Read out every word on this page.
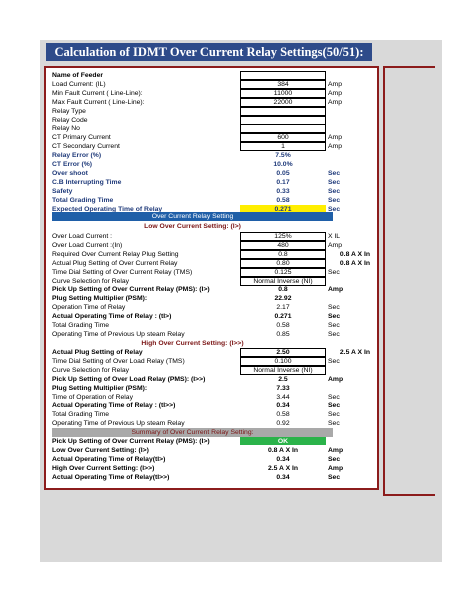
Calculation of IDMT Over Current Relay Settings(50/51):
Name of Feeder
Load Current: (IL)	384	Amp
Min Fault Current ( Line-Line):	11000	Amp
Max Fault Current ( Line-Line):	22000	Amp
Relay Type
Relay Code
Relay No
CT Primary Current	600	Amp
CT Secondary Current	1	Amp
Relay Error (%)	7.5%
CT Error (%)	10.0%
Over shoot	0.05	Sec
C.B Interrupting Time	0.17	Sec
Safety	0.33	Sec
Total Grading Time	0.58	Sec
Expected Operating Time of Relay	0.271	Sec
Over Current Relay Setting
Low Over Current Setting: (I>)
Over Load Current :	125%	X IL
Over Load Current :(In)	480	Amp
Required Over Current Relay Plug Setting	0.8	0.8 A X In
Actual Plug Setting of Over Current Relay	0.80	0.8 A X In
Time Dial Setting of Over Current Relay (TMS)	0.125	Sec
Curve Selection for Relay	Normal Inverse (NI)
Pick Up Setting of Over Current Relay (PMS): (I>)	0.8	Amp
Plug Setting Multiplier (PSM):	22.92
Operation Time of Relay	2.17	Sec
Actual Operating Time of Relay : (tI>)	0.271	Sec
Total Grading Time	0.58	Sec
Operating Time of Previous Up steam Relay	0.85	Sec
High Over Current Setting: (I>>)
Actual Plug Setting of Relay	2.50	2.5 A X In
Time Dial Setting of Over Load Relay (TMS)	0.100	Sec
Curve Selection for Relay	Normal Inverse (NI)
Pick Up Setting of Over Load Relay (PMS): (I>>)	2.5	Amp
Plug Setting Multiplier (PSM):	7.33
Time of Operation of Relay	3.44	Sec
Actual Operating Time of Relay : (tI>>)	0.34	Sec
Total Grading Time	0.58	Sec
Operating Time of Previous Up steam Relay	0.92	Sec
Summary of Over Current Relay Setting:
Pick Up Setting of Over Current Relay (PMS): (I>)	OK
Low Over Current Setting: (I>)	0.8 A X In	Amp
Actual Operating Time of Relay(tI>)	0.34	Sec
High Over Current Setting: (I>>)	2.5 A X In	Amp
Actual Operating Time of Relay(tI>>)	0.34	Sec
